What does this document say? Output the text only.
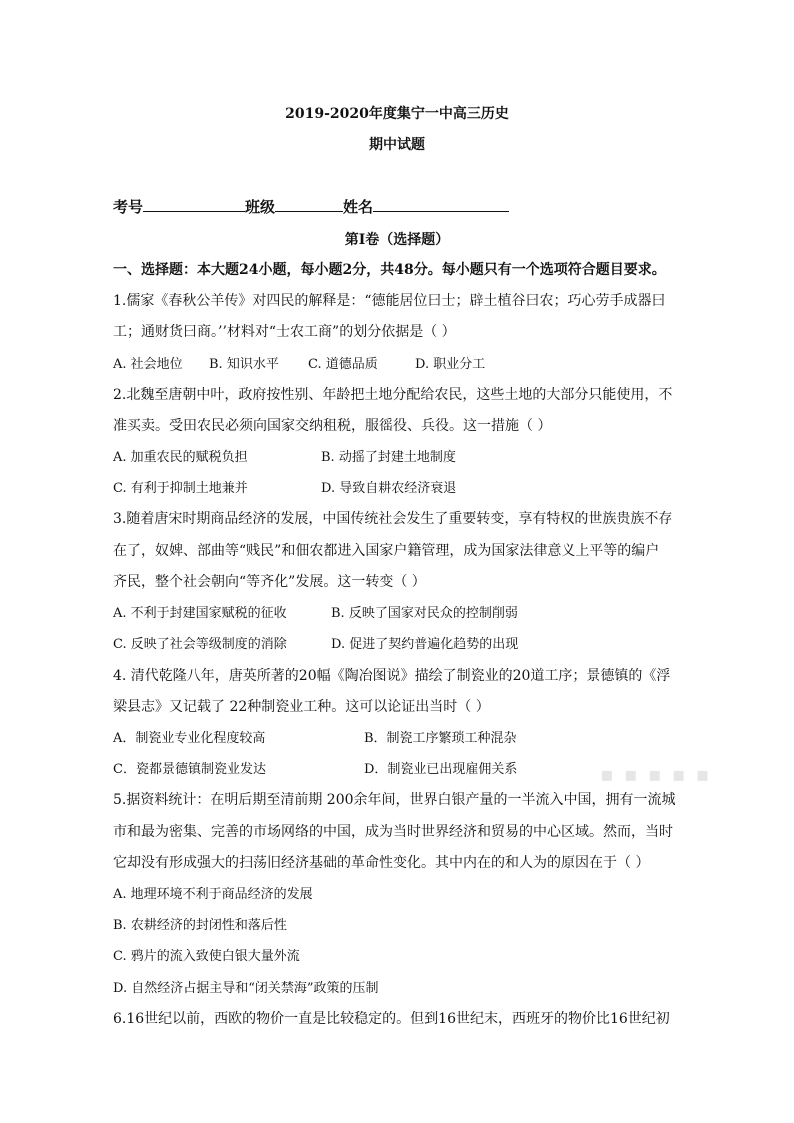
2019-2020年度集宁一中高三历史
期中试题
考号	班级	姓名
第Ⅰ卷（选择题）
一、选择题：本大题24小题，每小题2分，共48分。每小题只有一个选项符合题目要求。
1.儒家《春秋公羊传》对四民的解释是：“德能居位曰士；辟土植谷曰农；巧心劳手成器曰
工；通财货曰商。’’材料对“士农工商”的划分依据是（ ）
A. 社会地位 B. 知识水平 C. 道德品质	D. 职业分工
2.北魏至唐朝中叶，政府按性别、年龄把土地分配给农民，这些土地的大部分只能使用，不
准买卖。受田农民必须向国家交纳租税，服徭役、兵役。这一措施（ ）
A. 加重农民的赋税负担	B. 动摇了封建土地制度
C. 有利于抑制土地兼并	D. 导致自耕农经济衰退
3.随着唐宋时期商品经济的发展，中国传统社会发生了重要转变，享有特权的世族贵族不存
在了，奴婢、部曲等“贱民”和佃农都进入国家户籍管理，成为国家法律意义上平等的编户
齐民，整个社会朝向“等齐化”发展。这一转变（ ）
A. 不利于封建国家赋税的征收	B. 反映了国家对民众的控制削弱
C. 反映了社会等级制度的消除	D. 促进了契约普遍化趋势的出现
4. 清代乾隆八年，唐英所著的20幅《陶冶图说》描绘了制瓷业的20道工序；景德镇的《浮
梁县志》又记载了 22种制瓷业工种。这可以论证出当时（ ）
A．制瓷业专业化程度较高	B．制瓷工序繁琐工种混杂
C．瓷都景德镇制瓷业发达	D．制瓷业已出现雇佣关系
5.据资料统计：在明后期至清前期 200余年间，世界白银产量的一半流入中国，拥有一流城
市和最为密集、完善的市场网络的中国，成为当时世界经济和贸易的中心区域。然而，当时
它却没有形成强大的扫荡旧经济基础的革命性变化。其中内在的和人为的原因在于（ ）
A. 地理环境不利于商品经济的发展
B. 农耕经济的封闭性和落后性
C. 鸦片的流入致使白银大量外流
D. 自然经济占据主导和“闭关禁海”政策的压制
6.16世纪以前，西欧的物价一直是比较稳定的。但到16世纪末，西班牙的物价比16世纪初
▪ ▪ ▪ ▪ ▪
